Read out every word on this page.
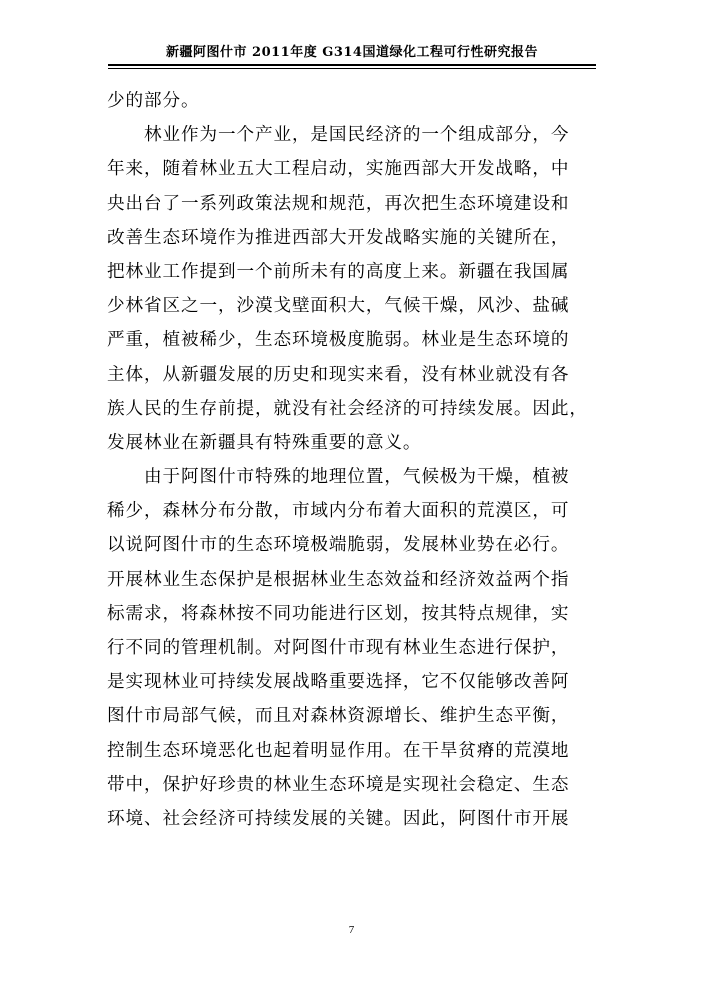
新疆阿图什市 2011年度 G314国道绿化工程可行性研究报告
少的部分。
　　林业作为一个产业，是国民经济的一个组成部分，今
年来，随着林业五大工程启动，实施西部大开发战略，中
央出台了一系列政策法规和规范，再次把生态环境建设和
改善生态环境作为推进西部大开发战略实施的关键所在，
把林业工作提到一个前所未有的高度上来。新疆在我国属
少林省区之一，沙漠戈壁面积大，气候干燥，风沙、盐碱
严重，植被稀少，生态环境极度脆弱。林业是生态环境的
主体，从新疆发展的历史和现实来看，没有林业就没有各
族人民的生存前提，就没有社会经济的可持续发展。因此，
发展林业在新疆具有特殊重要的意义。
　　由于阿图什市特殊的地理位置，气候极为干燥，植被
稀少，森林分布分散，市域内分布着大面积的荒漠区，可
以说阿图什市的生态环境极端脆弱，发展林业势在必行。
开展林业生态保护是根据林业生态效益和经济效益两个指
标需求，将森林按不同功能进行区划，按其特点规律，实
行不同的管理机制。对阿图什市现有林业生态进行保护，
是实现林业可持续发展战略重要选择，它不仅能够改善阿
图什市局部气候，而且对森林资源增长、维护生态平衡，
控制生态环境恶化也起着明显作用。在干旱贫瘠的荒漠地
带中，保护好珍贵的林业生态环境是实现社会稳定、生态
环境、社会经济可持续发展的关键。因此，阿图什市开展
7
